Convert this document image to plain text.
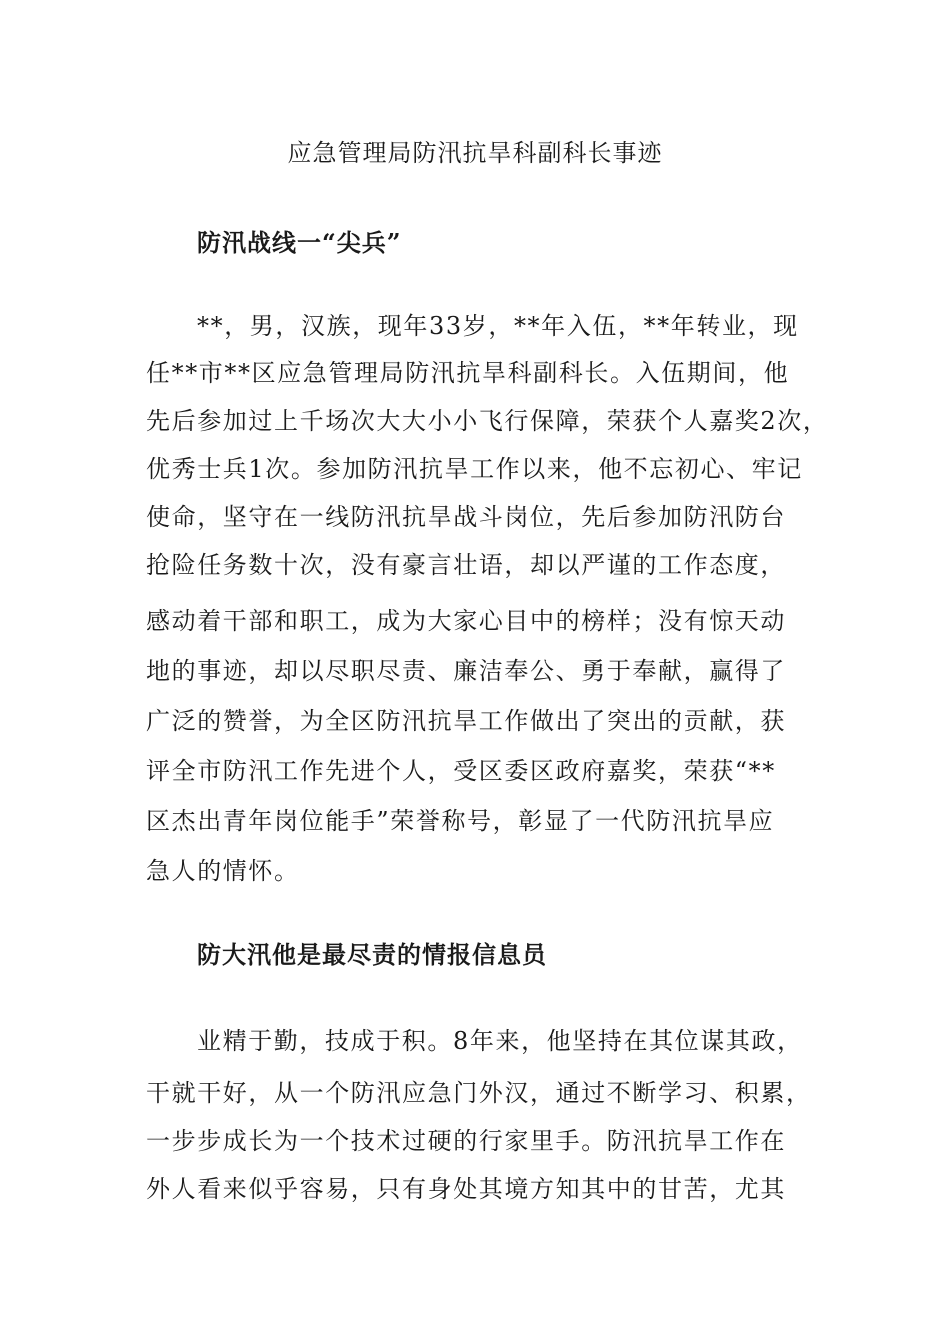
应急管理局防汛抗旱科副科长事迹
防汛战线一“尖兵”

**，男，汉族，现年33岁，**年入伍，**年转业，现

任**市**区应急管理局防汛抗旱科副科长。入伍期间，他

先后参加过上千场次大大小小飞行保障，荣获个人嘉奖2次，

优秀士兵1次。参加防汛抗旱工作以来，他不忘初心、牢记

使命，坚守在一线防汛抗旱战斗岗位，先后参加防汛防台

抢险任务数十次，没有豪言壮语，却以严谨的工作态度，

感动着干部和职工，成为大家心目中的榜样；没有惊天动

地的事迹，却以尽职尽责、廉洁奉公、勇于奉献，赢得了

广泛的赞誉，为全区防汛抗旱工作做出了突出的贡献，获

评全市防汛工作先进个人，受区委区政府嘉奖，荣获“**

区杰出青年岗位能手”荣誉称号，彰显了一代防汛抗旱应

急人的情怀。

防大汛他是最尽责的情报信息员

业精于勤，技成于积。8年来，他坚持在其位谋其政，

干就干好，从一个防汛应急门外汉，通过不断学习、积累，

一步步成长为一个技术过硬的行家里手。防汛抗旱工作在

外人看来似乎容易，只有身处其境方知其中的甘苦，尤其
